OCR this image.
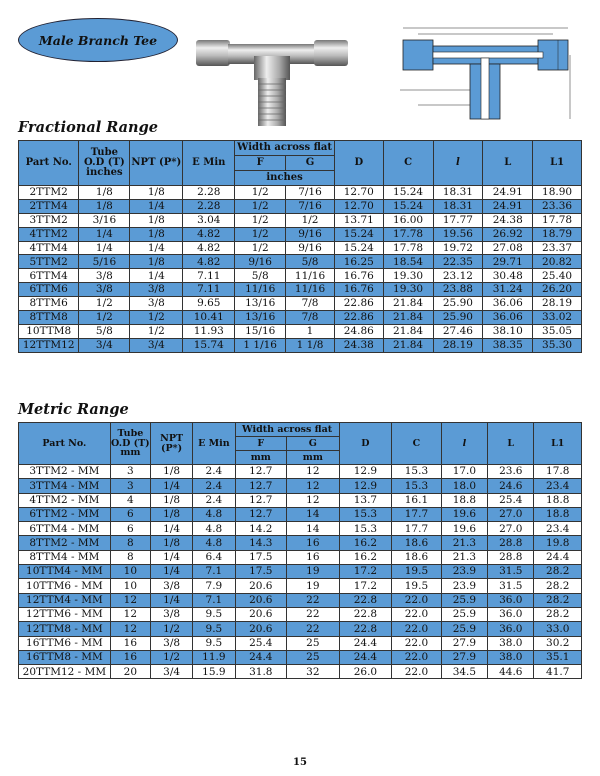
Male Branch Tee
Fractional Range
Part No.	Tube O.D (T) inches	NPT (P*)	E Min	Width across flat		D	C	l	L	L1
				F	G					
				inches						
2TTM2	1/8	1/8	2.28	1/2	7/16	12.70	15.24	18.31	24.91	18.90
2TTM4	1/8	1/4	2.28	1/2	7/16	12.70	15.24	18.31	24.91	23.36
3TTM2	3/16	1/8	3.04	1/2	1/2	13.71	16.00	17.77	24.38	17.78
4TTM2	1/4	1/8	4.82	1/2	9/16	15.24	17.78	19.56	26.92	18.79
4TTM4	1/4	1/4	4.82	1/2	9/16	15.24	17.78	19.72	27.08	23.37
5TTM2	5/16	1/8	4.82	9/16	5/8	16.25	18.54	22.35	29.71	20.82
6TTM4	3/8	1/4	7.11	5/8	11/16	16.76	19.30	23.12	30.48	25.40
6TTM6	3/8	3/8	7.11	11/16	11/16	16.76	19.30	23.88	31.24	26.20
8TTM6	1/2	3/8	9.65	13/16	7/8	22.86	21.84	25.90	36.06	28.19
8TTM8	1/2	1/2	10.41	13/16	7/8	22.86	21.84	25.90	36.06	33.02
10TTM8	5/8	1/2	11.93	15/16	1	24.86	21.84	27.46	38.10	35.05
12TTM12	3/4	3/4	15.74	1 1/16	1 1/8	24.38	21.84	28.19	38.35	35.30
Metric Range
Part No.	Tube O.D (T) mm	NPT (P*)	E Min	Width across flat		D	C	l	L	L1
				F	G					
				mm	mm					
3TTM2 - MM	3	1/8	2.4	12.7	12	12.9	15.3	17.0	23.6	17.8
3TTM4 - MM	3	1/4	2.4	12.7	12	12.9	15.3	18.0	24.6	23.4
4TTM2 - MM	4	1/8	2.4	12.7	12	13.7	16.1	18.8	25.4	18.8
6TTM2 - MM	6	1/8	4.8	12.7	14	15.3	17.7	19.6	27.0	18.8
6TTM4 - MM	6	1/4	4.8	14.2	14	15.3	17.7	19.6	27.0	23.4
8TTM2 - MM	8	1/8	4.8	14.3	16	16.2	18.6	21.3	28.8	19.8
8TTM4 - MM	8	1/4	6.4	17.5	16	16.2	18.6	21.3	28.8	24.4
10TTM4 - MM	10	1/4	7.1	17.5	19	17.2	19.5	23.9	31.5	28.2
10TTM6 - MM	10	3/8	7.9	20.6	19	17.2	19.5	23.9	31.5	28.2
12TTM4 - MM	12	1/4	7.1	20.6	22	22.8	22.0	25.9	36.0	28.2
12TTM6 - MM	12	3/8	9.5	20.6	22	22.8	22.0	25.9	36.0	28.2
12TTM8 - MM	12	1/2	9.5	20.6	22	22.8	22.0	25.9	36.0	33.0
16TTM6 - MM	16	3/8	9.5	25.4	25	24.4	22.0	27.9	38.0	30.2
16TTM8 - MM	16	1/2	11.9	24.4	25	24.4	22.0	27.9	38.0	35.1
20TTM12 - MM	20	3/4	15.9	31.8	32	26.0	22.0	34.5	44.6	41.7
15
